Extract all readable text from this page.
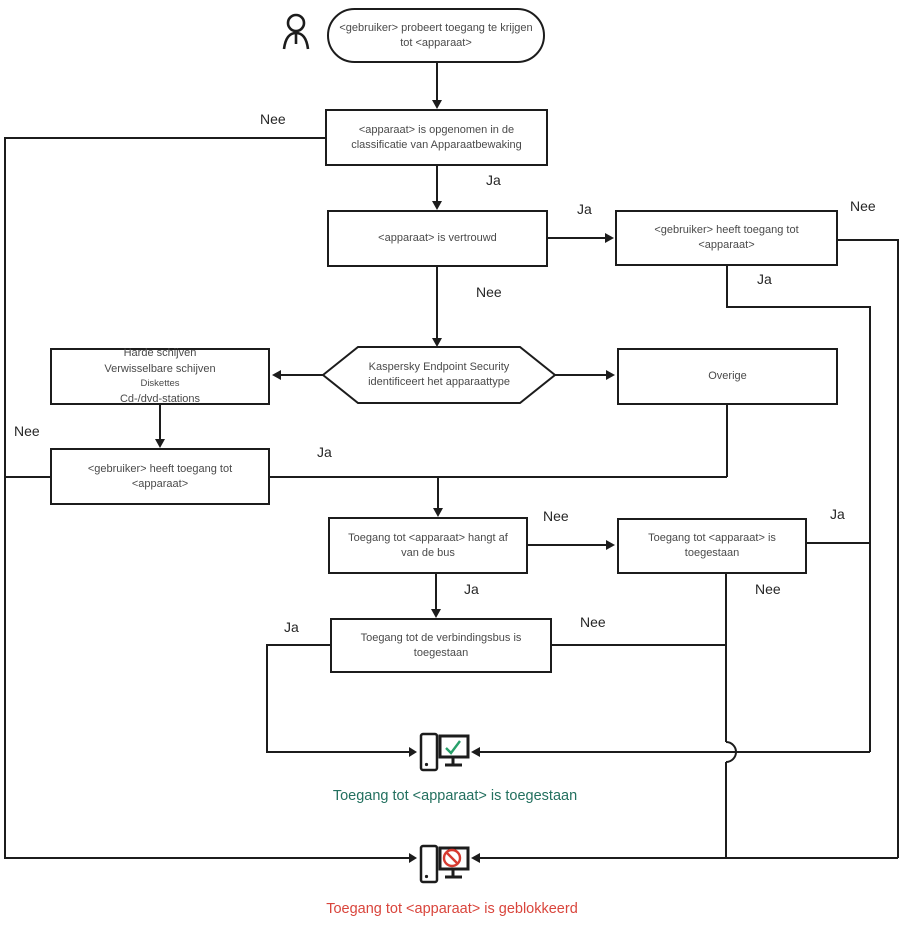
<gebruiker> probeert toegang te krijgen tot <apparaat>
<apparaat> is opgenomen in de classificatie van Apparaatbewaking
<apparaat> is vertrouwd
<gebruiker> heeft toegang tot <apparaat>
Kaspersky Endpoint Security identificeert het apparaattype
Harde schijven
Verwisselbare schijven
Diskettes
Cd-/dvd-stations
Overige
<gebruiker> heeft toegang tot <apparaat>
Toegang tot <apparaat> hangt af van de bus
Toegang tot <apparaat> is toegestaan
Toegang tot de verbindingsbus is toegestaan
Nee
Ja
Ja	Nee
Ja
Nee
Nee
Ja
Nee	Ja
Ja	Nee
Ja	Nee
Toegang tot <apparaat> is toegestaan
Toegang tot <apparaat> is geblokkeerd
